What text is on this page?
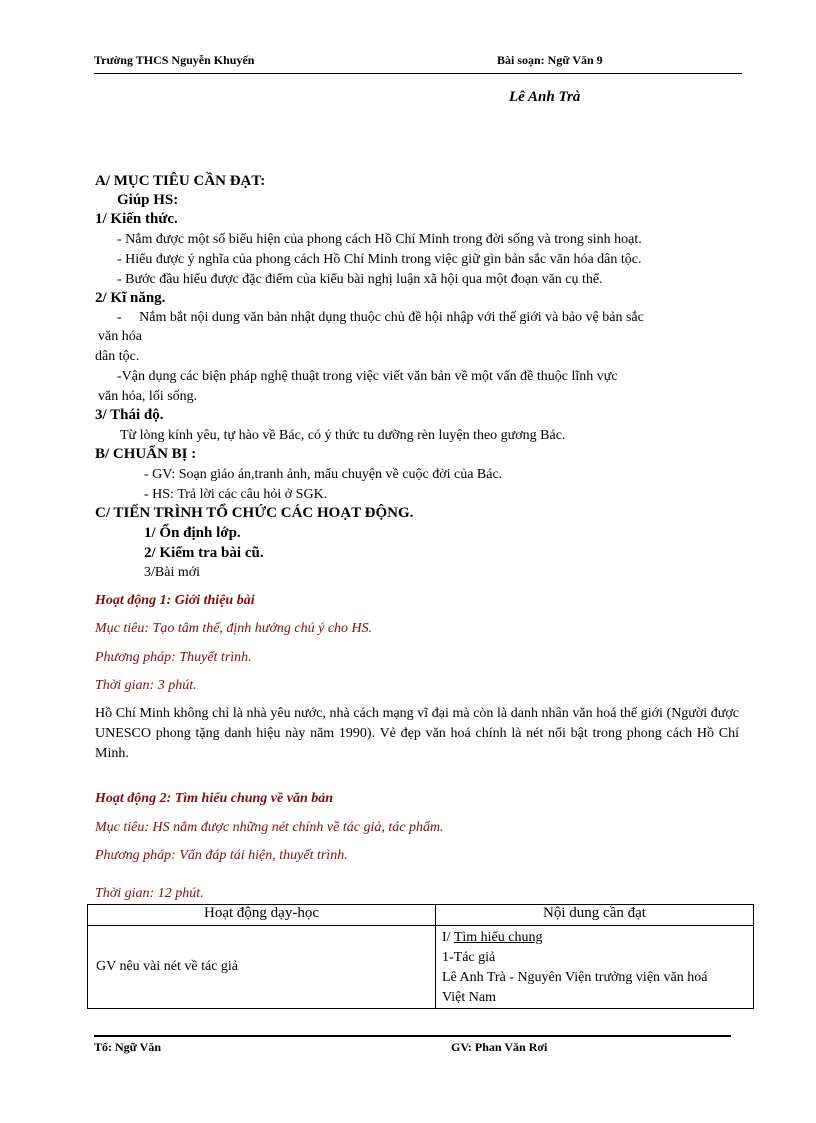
Trường THCS Nguyễn Khuyến	Bài soạn: Ngữ Văn 9
Lê Anh Trà
A/ MỤC TIÊU CẦN ĐẠT:
Giúp HS:
1/ Kiến thức.
- Nắm được một số biểu hiện của phong cách Hồ Chí Minh trong đời sống và trong sinh hoạt.
- Hiểu được ý nghĩa của phong cách Hồ Chí Minh trong việc giữ gìn bản sắc văn hóa dân tộc.
- Bước đầu hiểu được đặc điểm của kiểu bài nghị luận xã hội qua một đoạn văn cụ thể.
2/ Kĩ năng.
-     Nắm bắt nội dung văn bản nhật dụng thuộc chủ đề hội nhập với thế giới và bảo vệ bản sắc
văn hóa
dân tộc.
-Vận dụng các biện pháp nghệ thuật trong việc viết văn bản về một vấn đề thuộc lĩnh vực
văn hóa, lối sống.
3/ Thái độ.
Từ lòng kính yêu, tự hào về Bác, có ý thức tu dưỡng rèn luyện theo gương Bác.
B/ CHUẨN BỊ :
- GV: Soạn giáo án,tranh ảnh, mẩu chuyện về cuộc đời của Bác.
- HS: Trả lời các câu hỏi ở SGK.
C/ TIẾN TRÌNH TỔ CHỨC CÁC HOẠT ĐỘNG.
1/ Ổn định lớp.
2/ Kiểm tra bài cũ.
3/Bài mới
Hoạt động 1: Giới thiệu bài
Mục tiêu: Tạo tâm thế, định hướng chú ý cho HS.
Phương pháp: Thuyết trình.
Thời gian: 3 phút.
Hồ Chí Minh không chỉ là nhà yêu nước, nhà cách mạng vĩ đại mà còn là danh nhân văn hoá thế giới (Người được UNESCO phong tặng danh hiệu này năm 1990). Vẻ đẹp văn hoá chính là nét nổi bật trong phong cách Hồ Chí Minh.
Hoạt động 2: Tìm hiểu chung về văn bản
Mục tiêu: HS nắm được những nét chính về tác giả, tác phẩm.
Phương pháp: Vấn đáp tái hiện, thuyết trình.
Thời gian: 12 phút.
Hoạt động dạy-học	Nội dung cần đạt
GV nêu vài nét về tác giả	I/ Tìm hiểu chung
1-Tác giả
Lê Anh Trà - Nguyên Viện trưởng viện văn hoá
Việt Nam
Tổ: Ngữ Văn	GV: Phan Văn Rơi
